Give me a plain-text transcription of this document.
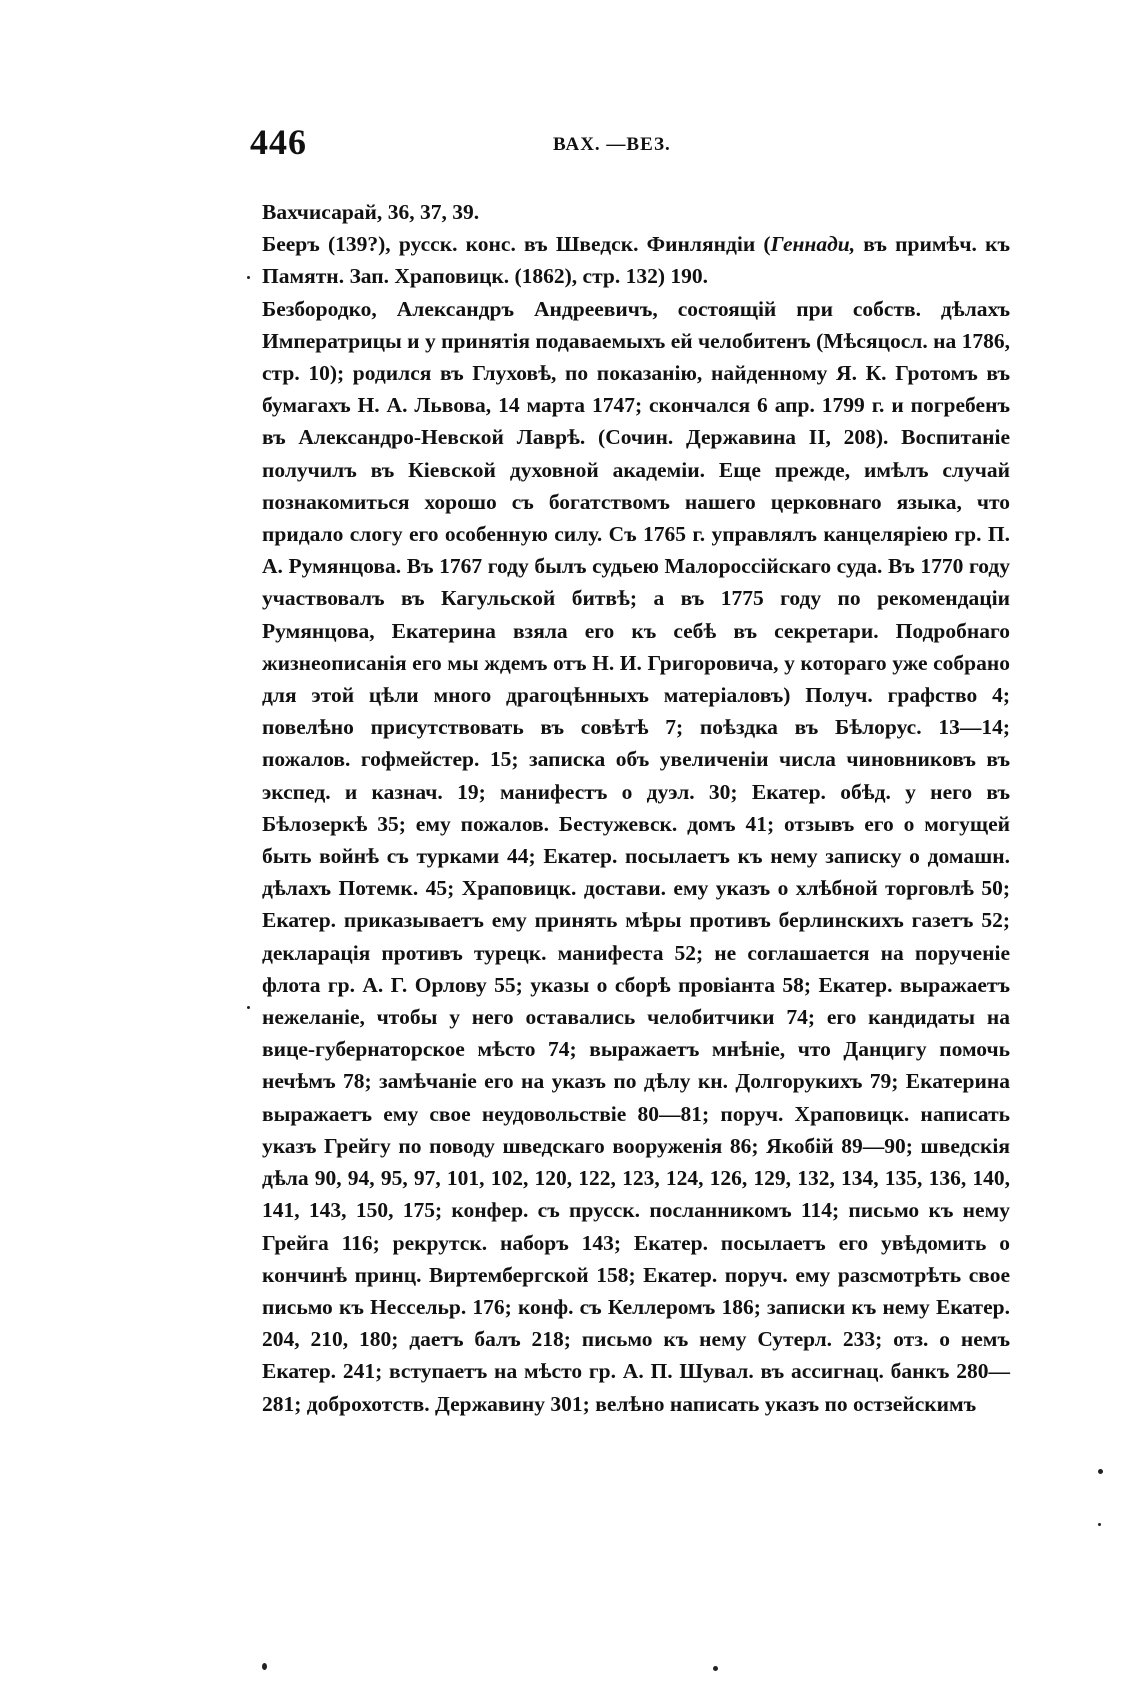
446	ВАХ. —ВЕЗ.

Вахчисарай, 36, 37, 39.

Бееръ (139?), русск. конс. въ Шведск. Финляндіи (Геннади, въ примѣч. къ Памятн. Зап. Храповицк. (1862), стр. 132) 190.

Безбородко, Александръ Андреевичъ, состоящій при собств. дѣлахъ Императрицы и у принятія подаваемыхъ ей челобитенъ (Мѣсяцосл. на 1786, стр. 10); родился въ Глуховѣ, по показанію, найденному Я. К. Гротомъ въ бумагахъ Н. А. Львова, 14 марта 1747; скончался 6 апр. 1799 г. и погребенъ въ Александро-Невской Лаврѣ. (Сочин. Державина II, 208). Воспитаніе получилъ въ Кіевской духовной академіи. Еще прежде, имѣлъ случай познакомиться хорошо съ богатствомъ нашего церковнаго языка, что придало слогу его особенную силу. Съ 1765 г. управлялъ канцеляріею гр. П. А. Румянцова. Въ 1767 году былъ судьею Малороссійскаго суда. Въ 1770 году участвовалъ въ Кагульской битвѣ; а въ 1775 году по рекомендаціи Румянцова, Екатерина взяла его къ себѣ въ секретари. Подробнаго жизнеописанія его мы ждемъ отъ Н. И. Григоровича, у котораго уже собрано для этой цѣли много драгоцѣнныхъ матеріаловъ) Получ. графство 4; повелѣно присутствовать въ совѣтѣ 7; поѣздка въ Бѣлорус. 13—14; пожалов. гофмейстер. 15; записка объ увеличеніи числа чиновниковъ въ экспед. и казнач. 19; манифестъ о дуэл. 30; Екатер. обѣд. у него въ Бѣлозеркѣ 35; ему пожалов. Бестужевск. домъ 41; отзывъ его о могущей быть войнѣ съ турками 44; Екатер. посылаетъ къ нему записку о домашн. дѣлахъ Потемк. 45; Храповицк. достави. ему указъ о хлѣбной торговлѣ 50; Екатер. приказываетъ ему принять мѣры противъ берлинскихъ газетъ 52; декларація противъ турецк. манифеста 52; не соглашается на порученіе флота гр. А. Г. Орлову 55; указы о сборѣ провіанта 58; Екатер. выражаетъ нежеланіе, чтобы у него оставались челобитчики 74; его кандидаты на вице-губернаторское мѣсто 74; выражаетъ мнѣніе, что Данцигу помочь нечѣмъ 78; замѣчаніе его на указъ по дѣлу кн. Долгорукихъ 79; Екатерина выражаетъ ему свое неудовольствіе 80—81; поруч. Храповицк. написать указъ Грейгу по поводу шведскаго вооруженія 86; Якобій 89—90; шведскія дѣла 90, 94, 95, 97, 101, 102, 120, 122, 123, 124, 126, 129, 132, 134, 135, 136, 140, 141, 143, 150, 175; конфер. съ прусск. посланникомъ 114; письмо къ нему Грейга 116; рекрутск. наборъ 143; Екатер. посылаетъ его увѣдомить о кончинѣ принц. Виртембергской 158; Екатер. поруч. ему разсмотрѣть свое письмо къ Нессельр. 176; конф. съ Келлеромъ 186; записки къ нему Екатер. 204, 210, 180; даетъ балъ 218; письмо къ нему Сутерл. 233; отз. о немъ Екатер. 241; вступаетъ на мѣсто гр. А. П. Шувал. въ ассигнац. банкъ 280—281; доброхотств. Державину 301; велѣно написать указъ по остзейскимъ
